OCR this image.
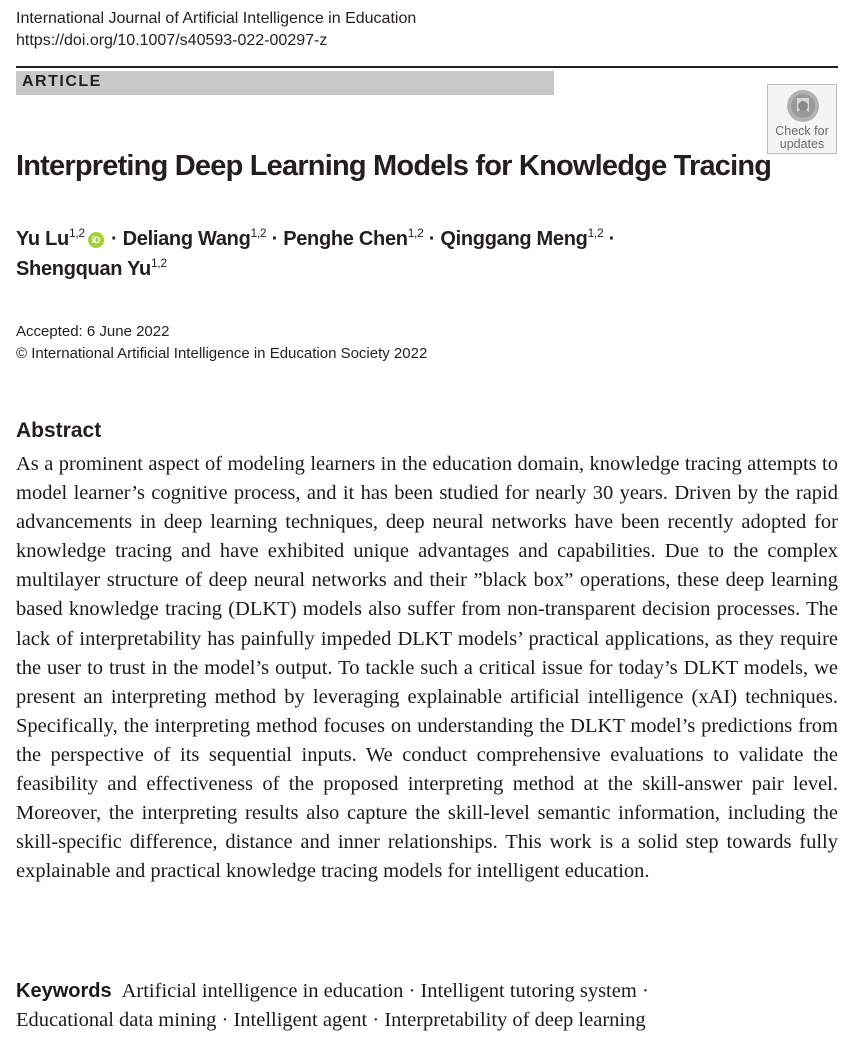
International Journal of Artificial Intelligence in Education
https://doi.org/10.1007/s40593-022-00297-z
ARTICLE
Check for
updates
Interpreting Deep Learning Models for Knowledge Tracing
Yu Lu$^{1,2}$ iD · Deliang Wang$^{1,2}$ · Penghe Chen$^{1,2}$ · Qinggang Meng$^{1,2}$ ·
Shengquan Yu$^{1,2}$
Accepted: 6 June 2022
© International Artificial Intelligence in Education Society 2022
Abstract

As a prominent aspect of modeling learners in the education domain, knowledge tracing attempts to model learner’s cognitive process, and it has been studied for nearly 30 years. Driven by the rapid advancements in deep learning techniques, deep neural networks have been recently adopted for knowledge tracing and have exhibited unique advantages and capabilities. Due to the complex multilayer structure of deep neural networks and their ”black box” operations, these deep learning based knowledge tracing (DLKT) models also suffer from non-transparent decision processes. The lack of interpretability has painfully impeded DLKT models’ practical applications, as they require the user to trust in the model’s output. To tackle such a critical issue for today’s DLKT models, we present an interpreting method by leveraging explainable artificial intelligence (xAI) techniques. Specifically, the interpreting method focuses on understanding the DLKT model’s predictions from the perspective of its sequential inputs. We conduct comprehensive evaluations to validate the feasibility and effectiveness of the proposed interpreting method at the skill-answer pair level. Moreover, the interpreting results also capture the skill-level semantic information, including the skill-specific difference, distance and inner relationships. This work is a solid step towards fully explainable and practical knowledge tracing models for intelligent education.

Keywords Artificial intelligence in education · Intelligent tutoring system ·
Educational data mining · Intelligent agent · Interpretability of deep learning
